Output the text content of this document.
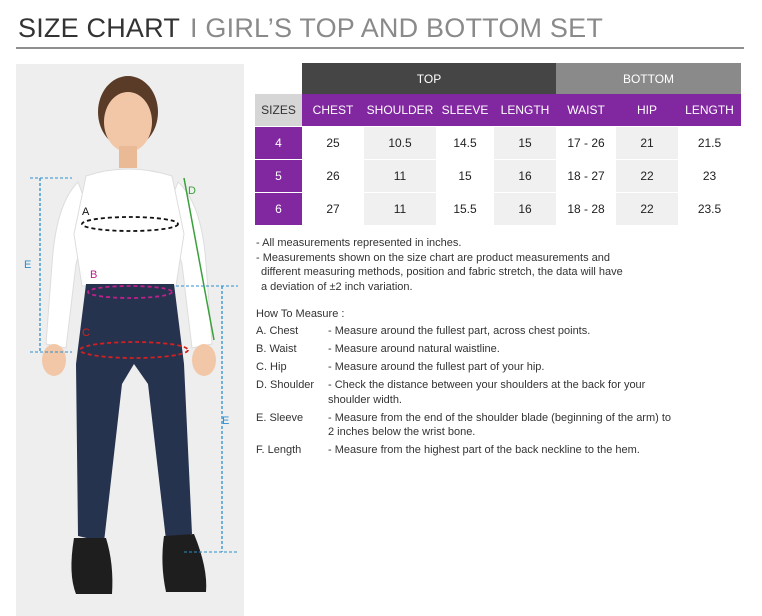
SIZE CHART I GIRL’S TOP AND BOTTOM SET
A
B
C
D
E
E
	TOP				BOTTOM		
SIZES	CHEST	SHOULDER	SLEEVE	LENGTH	WAIST	HIP	LENGTH
4	25	10.5	14.5	15	17 - 26	21	21.5
5	26	11	15	16	18 - 27	22	23
6	27	11	15.5	16	18 - 28	22	23.5
- All measurements represented in inches.
- Measurements shown on the size chart are product measurements and
different measuring methods, position and fabric stretch, the data will have
a deviation of ±2 inch variation.
How To Measure :
A. Chest	- Measure around the fullest part, across chest points.
B. Waist	- Measure around natural waistline.
C. Hip	- Measure around the fullest part of your hip.
D. Shoulder	- Check the distance between your shoulders at the back for your shoulder width.
E. Sleeve	- Measure from the end of the shoulder blade (beginning of the arm) to 2 inches below the wrist bone.
F. Length	- Measure from the highest part of the back neckline to the hem.
